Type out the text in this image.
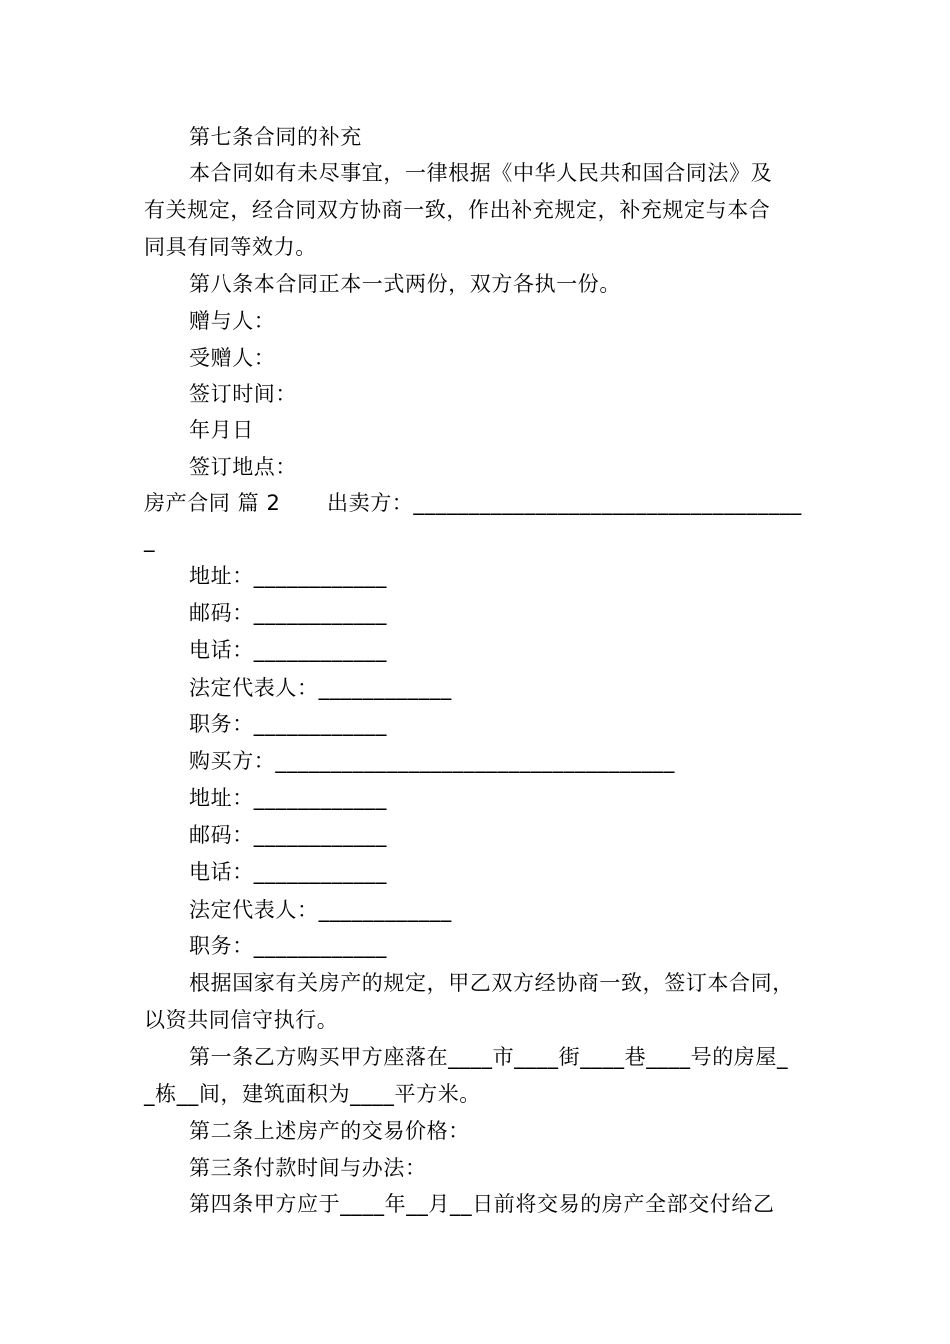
第七条合同的补充
本合同如有未尽事宜，一律根据《中华人民共和国合同法》及
有关规定，经合同双方协商一致，作出补充规定，补充规定与本合
同具有同等效力。
第八条本合同正本一式两份，双方各执一份。
赠与人：
受赠人：
签订时间：
年月日
签订地点：
房产合同 篇 2 出卖方：___________________________________
_
地址：____________
邮码：____________
电话：____________
法定代表人：____________
职务：____________
购买方：____________________________________
地址：____________
邮码：____________
电话：____________
法定代表人：____________
职务：____________
根据国家有关房产的规定，甲乙双方经协商一致，签订本合同，
以资共同信守执行。
第一条乙方购买甲方座落在____市____街____巷____号的房屋_
_栋__间，建筑面积为____平方米。
第二条上述房产的交易价格：
第三条付款时间与办法：
第四条甲方应于____年__月__日前将交易的房产全部交付给乙
